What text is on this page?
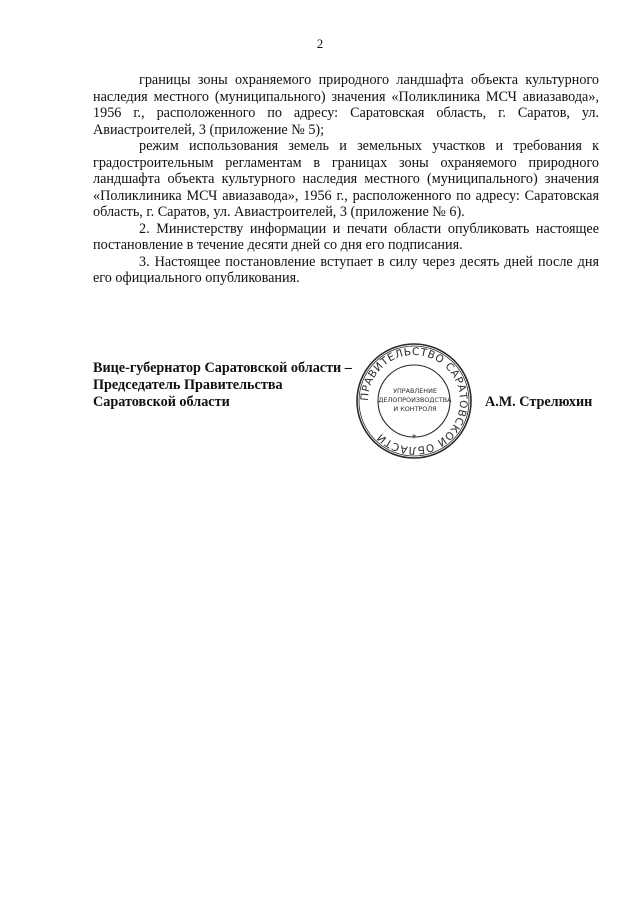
2

границы зоны охраняемого природного ландшафта объекта культурного наследия местного (муниципального) значения «Поликлиника МСЧ авиазавода», 1956 г., расположенного по адресу: Саратовская область, г. Саратов, ул. Авиастроителей, 3 (приложение № 5);

режим использования земель и земельных участков и требования к градостроительным регламентам в границах зоны охраняемого природного ландшафта объекта культурного наследия местного (муниципального) значения «Поликлиника МСЧ авиазавода», 1956 г., расположенного по адресу: Саратовская область, г. Саратов, ул. Авиастроителей, 3 (приложение № 6).

2. Министерству информации и печати области опубликовать настоящее постановление в течение десяти дней со дня его подписания.

3. Настоящее постановление вступает в силу через десять дней после дня его официального опубликования.

Вице-губернатор Саратовской области –
Председатель Правительства
Саратовской области	ПРАВИТЕЛЬСТВО САРАТОВСКОЙ ОБЛАСТИ	*
УПРАВЛЕНИЕ
ДЕЛОПРОИЗВОДСТВА
И КОНТРОЛЯ	А.М. Стрелюхин
